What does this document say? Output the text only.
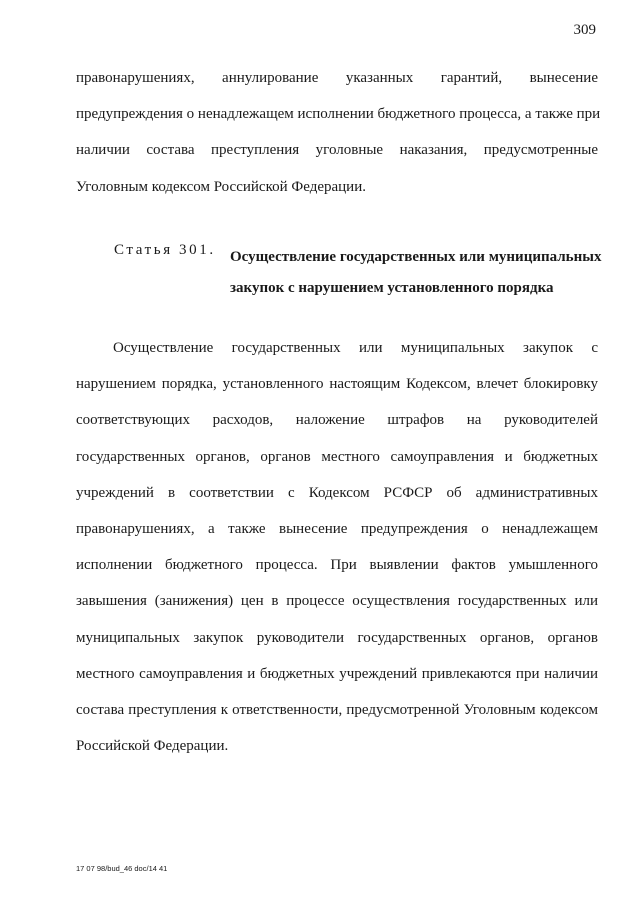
309
правонарушениях, аннулирование указанных гарантий, вынесение
предупреждения о ненадлежащем исполнении бюджетного процесса, а также при
наличии состава преступления уголовные наказания, предусмотренные
Уголовным кодексом Российской Федерации.
Статья 301. Осуществление государственных или муниципальных
закупок с нарушением установленного порядка
Осуществление государственных или муниципальных закупок с
нарушением порядка, установленного настоящим Кодексом, влечет блокировку
соответствующих расходов, наложение штрафов на руководителей
государственных органов, органов местного самоуправления и бюджетных
учреждений в соответствии с Кодексом РСФСР об административных
правонарушениях, а также вынесение предупреждения о ненадлежащем
исполнении бюджетного процесса. При выявлении фактов умышленного
завышения (занижения) цен в процессе осуществления государственных или
муниципальных закупок руководители государственных органов, органов
местного самоуправления и бюджетных учреждений привлекаются при наличии
состава преступления к ответственности, предусмотренной Уголовным кодексом
Российской Федерации.
17 07 98/bud_46 doc/14 41
